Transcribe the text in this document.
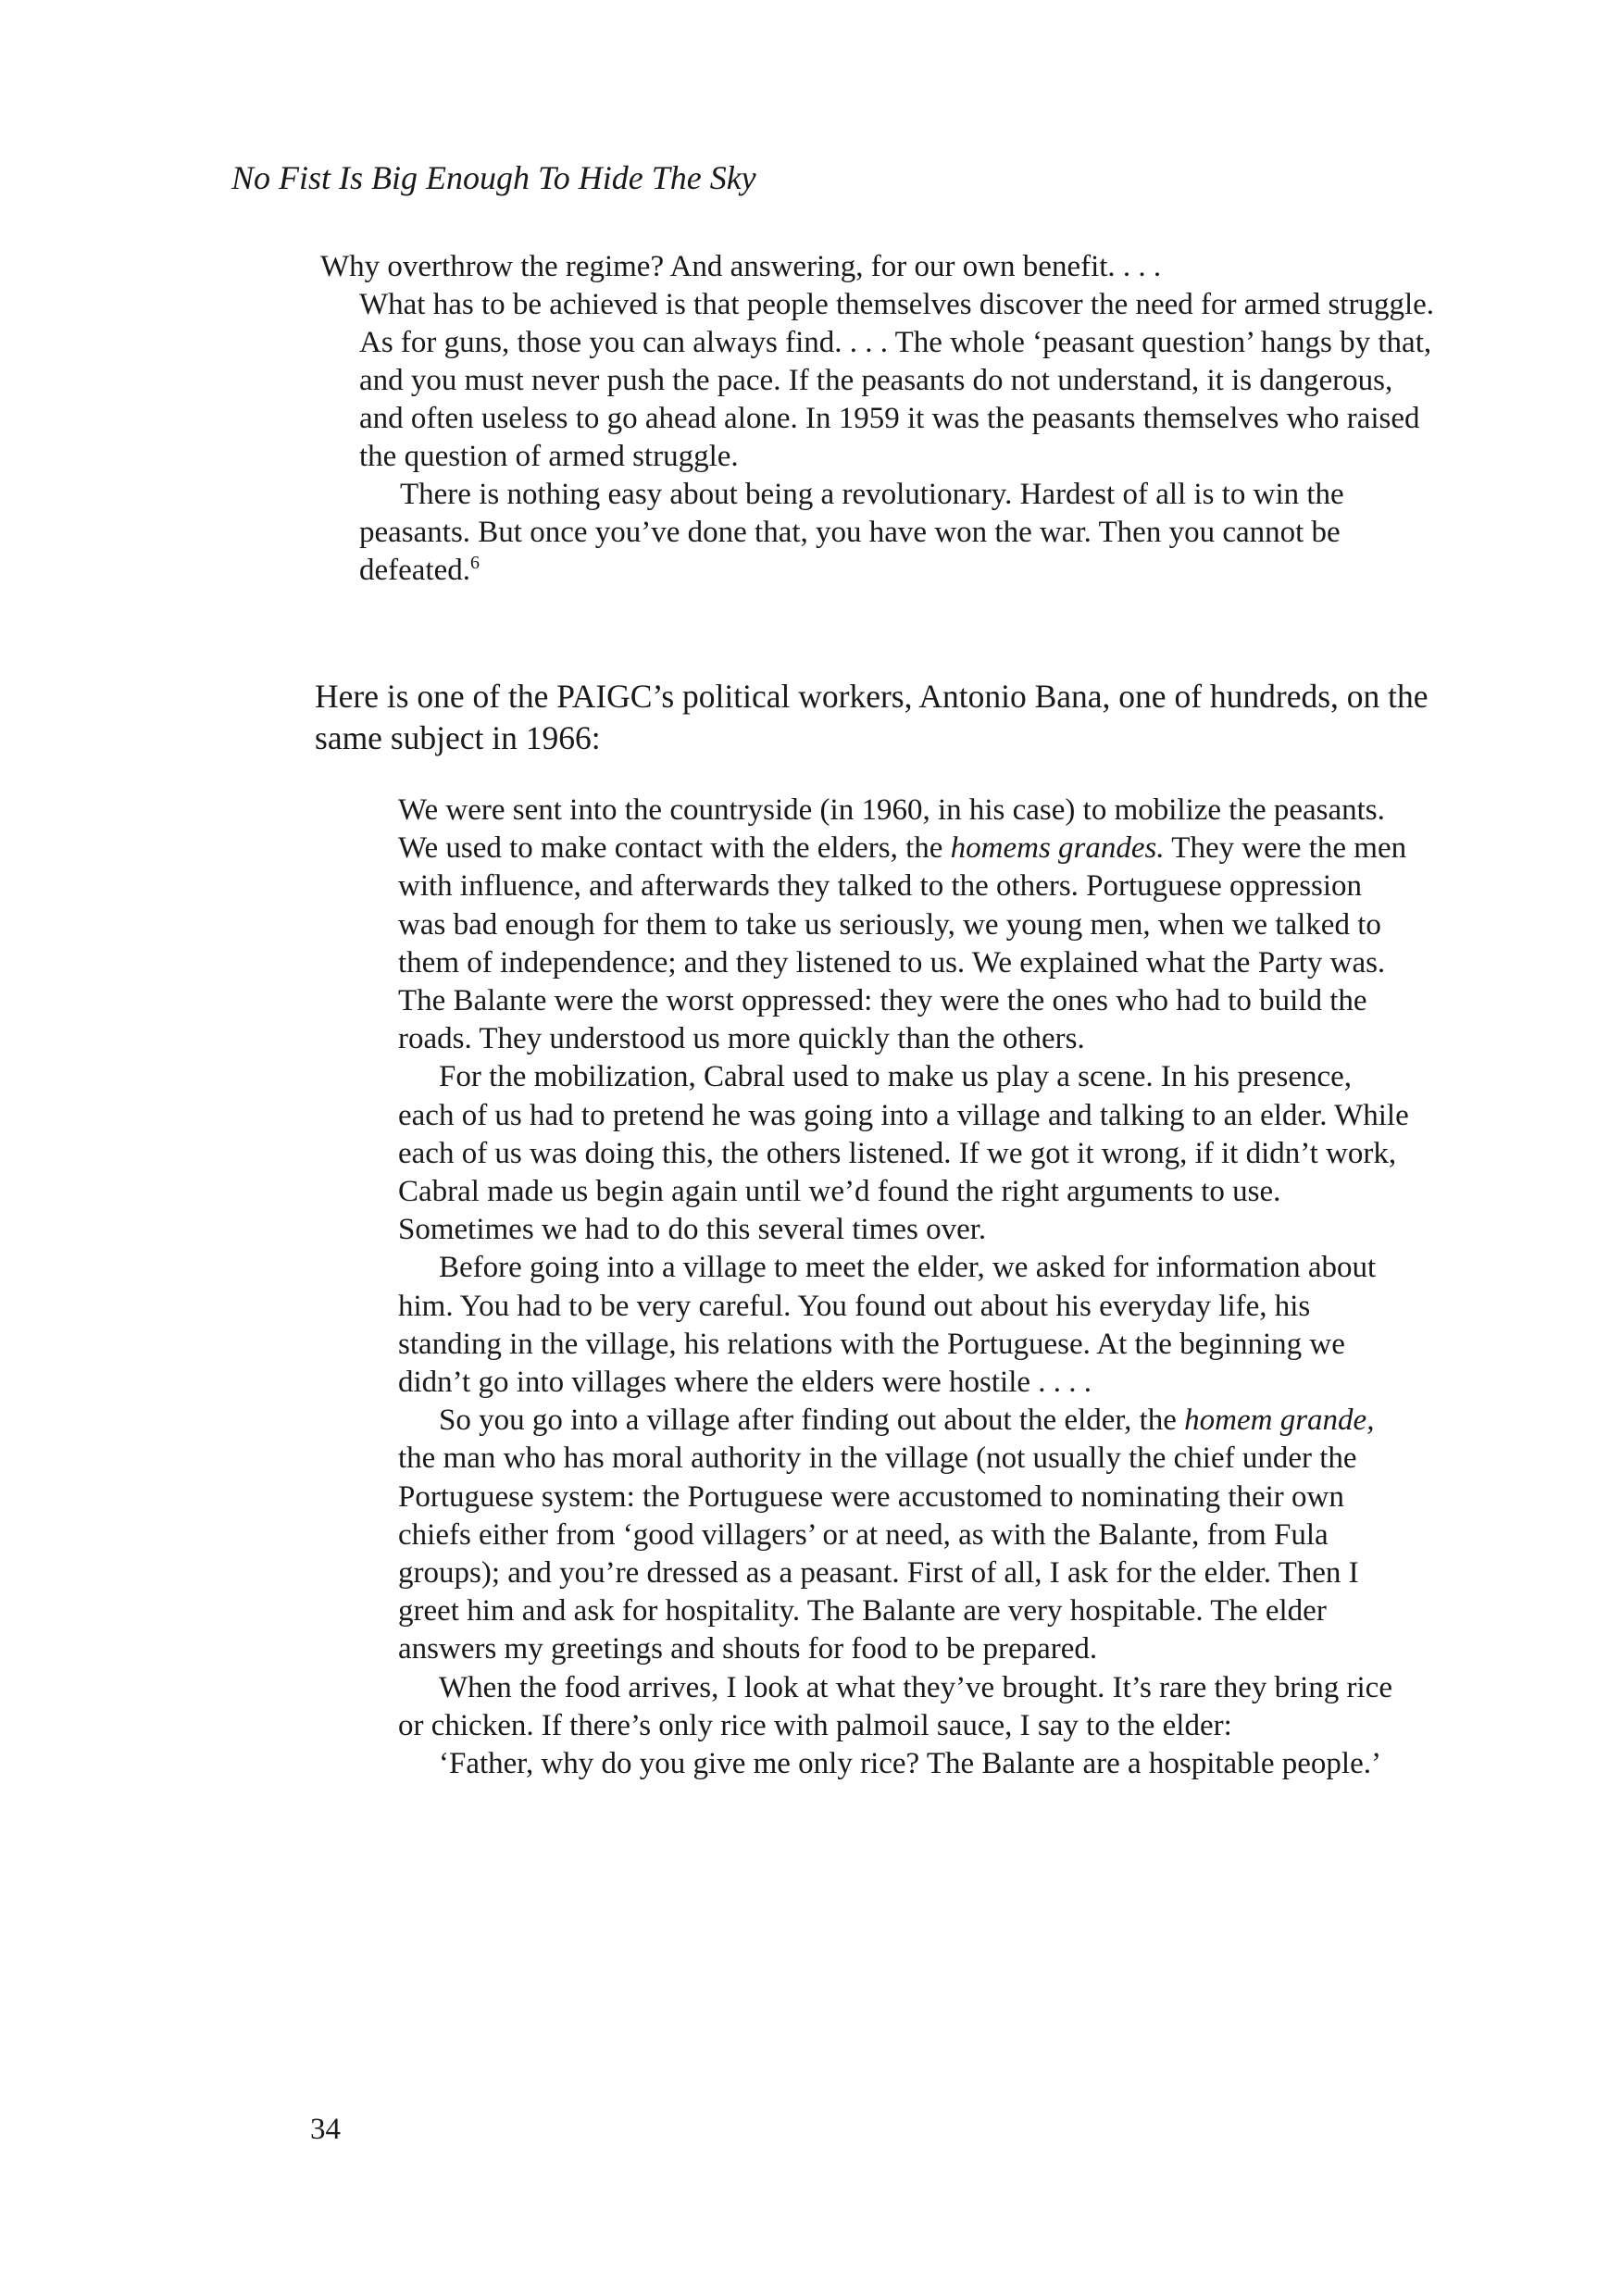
No Fist Is Big Enough To Hide The Sky

Why overthrow the regime? And answering, for our own benefit. . . .

What has to be achieved is that people themselves discover the need for armed struggle. As for guns, those you can always find. . . . The whole ‘peasant question’ hangs by that, and you must never push the pace. If the peasants do not understand, it is dangerous, and often useless to go ahead alone. In 1959 it was the peasants themselves who raised the question of armed struggle.

There is nothing easy about being a revolutionary. Hardest of all is to win the peasants. But once you’ve done that, you have won the war. Then you cannot be defeated.$^6$

Here is one of the PAIGC’s political workers, Antonio Bana, one of hundreds, on the same subject in 1966:

We were sent into the countryside (in 1960, in his case) to mobilize the peasants. We used to make contact with the elders, the homems grandes. They were the men with influence, and afterwards they talked to the others. Portuguese oppression was bad enough for them to take us seriously, we young men, when we talked to them of independence; and they listened to us. We explained what the Party was. The Balante were the worst oppressed: they were the ones who had to build the roads. They understood us more quickly than the others.

For the mobilization, Cabral used to make us play a scene. In his presence, each of us had to pretend he was going into a village and talking to an elder. While each of us was doing this, the others listened. If we got it wrong, if it didn’t work, Cabral made us begin again until we’d found the right arguments to use. Sometimes we had to do this several times over.

Before going into a village to meet the elder, we asked for information about him. You had to be very careful. You found out about his everyday life, his standing in the village, his relations with the Portuguese. At the beginning we didn’t go into villages where the elders were hostile . . . .

So you go into a village after finding out about the elder, the homem grande, the man who has moral authority in the village (not usually the chief under the Portuguese system: the Portuguese were accustomed to nominating their own chiefs either from ‘good villagers’ or at need, as with the Balante, from Fula groups); and you’re dressed as a peasant. First of all, I ask for the elder. Then I greet him and ask for hospitality. The Balante are very hospitable. The elder answers my greetings and shouts for food to be prepared.

When the food arrives, I look at what they’ve brought. It’s rare they bring rice or chicken. If there’s only rice with palmoil sauce, I say to the elder:

‘Father, why do you give me only rice? The Balante are a hospitable people.’

34
